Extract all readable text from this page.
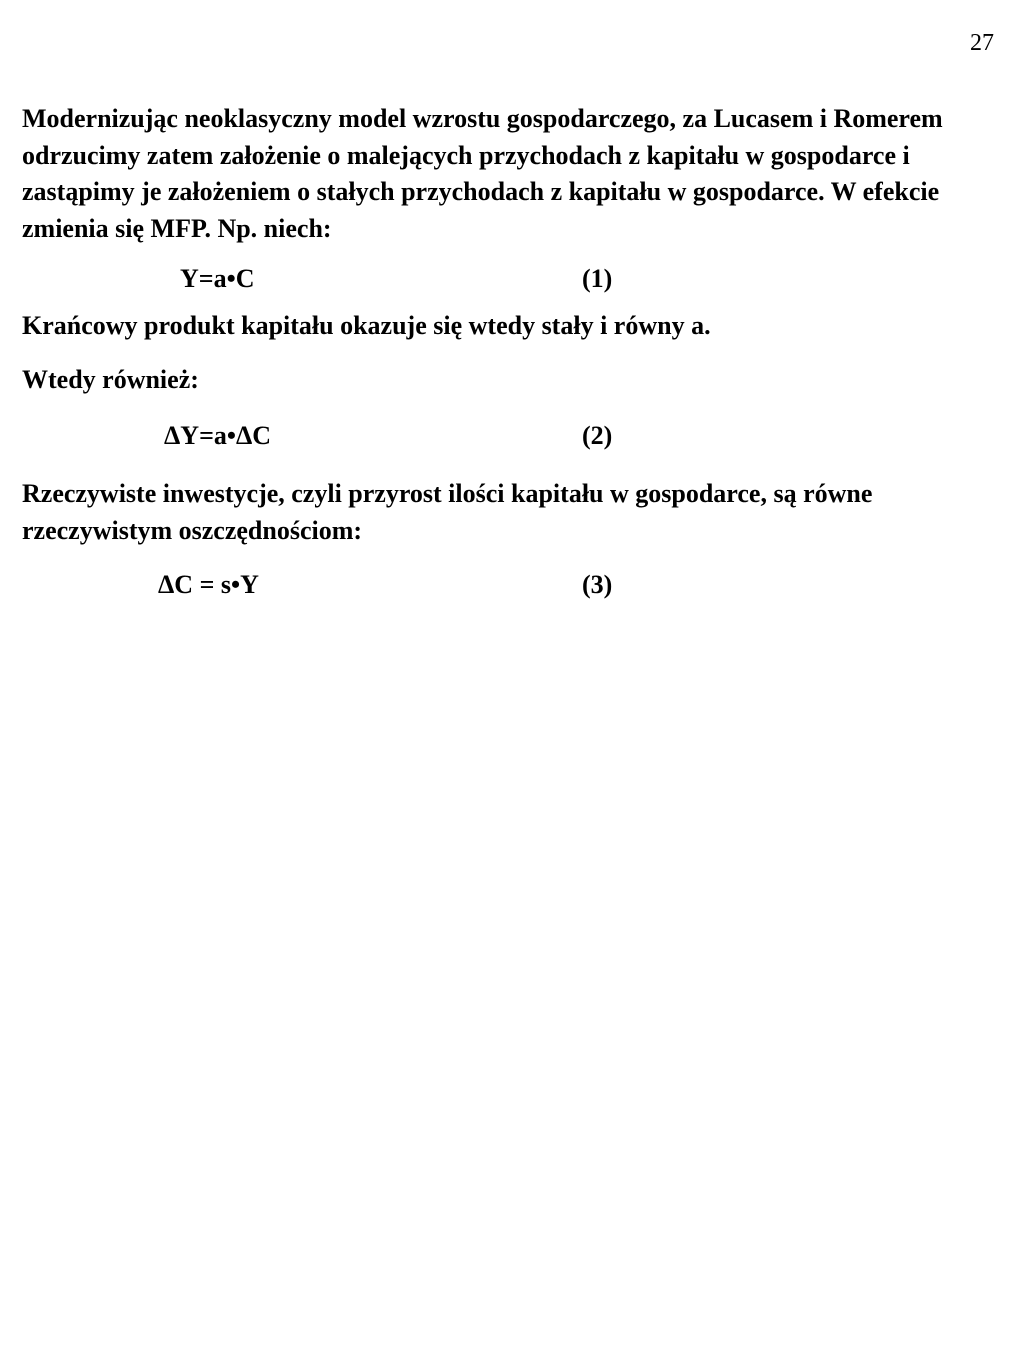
27

Modernizując neoklasyczny model wzrostu gospodarczego, za Lucasem i Romerem odrzucimy zatem założenie o malejących przychodach z kapitału w gospodarce i zastąpimy je założeniem o stałych przychodach z kapitału w gospodarce. W efekcie zmienia się MFP. Np. niech:

Y=a•C	(1)

Krańcowy produkt kapitału okazuje się wtedy stały i równy a.

Wtedy również:

ΔY=a•ΔC	(2)

Rzeczywiste inwestycje, czyli przyrost ilości kapitału w gospodarce, są równe rzeczywistym oszczędnościom:

ΔC = s•Y	(3)
